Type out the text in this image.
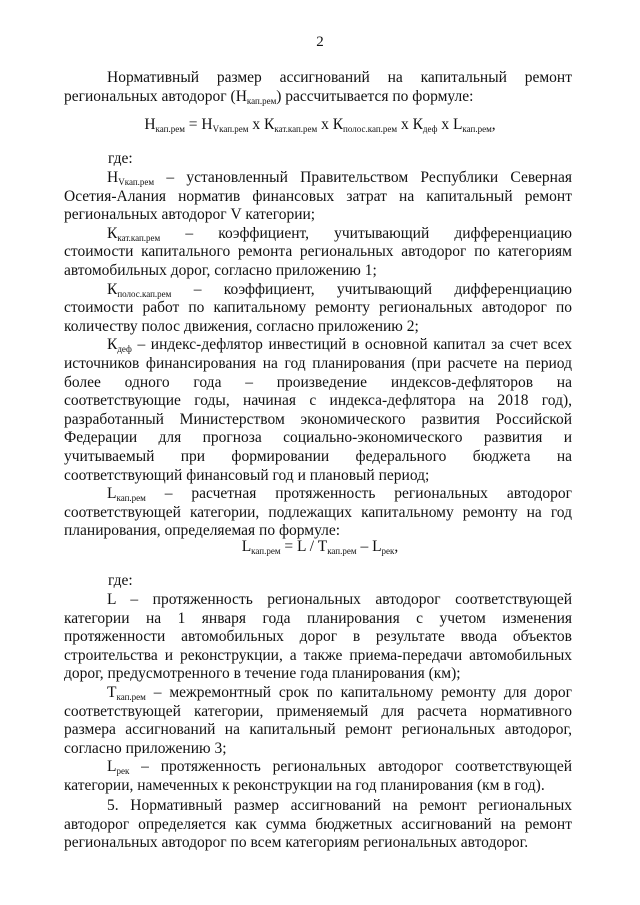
2
Нормативный размер ассигнований на капитальный ремонт
региональных автодорог $(Н_{кап.рем})$ рассчитывается по формуле:
$Н_{кап.рем} = Н_{Vкап.рем}$ х $К_{кат.кап.рем}$ х $К_{полос.кап.рем}$ х $К_{деф}$ х $L_{кап.рем}$,
где:
$Н_{Vкап.рем}$ – установленный Правительством Республики Северная
Осетия-Алания норматив финансовых затрат на капитальный ремонт
региональных автодорог V категории;
$К_{кат.кап.рем}$ – коэффициент, учитывающий дифференциацию
стоимости капитального ремонта региональных автодорог по категориям
автомобильных дорог, согласно приложению 1;
$К_{полос.кап.рем}$ – коэффициент, учитывающий дифференциацию
стоимости работ по капитальному ремонту региональных автодорог по
количеству полос движения, согласно приложению 2;
$К_{деф}$ – индекс-дефлятор инвестиций в основной капитал за счет всех
источников финансирования на год планирования (при расчете на период
более одного года – произведение индексов-дефляторов на
соответствующие годы, начиная с индекса-дефлятора на 2018 год),
разработанный Министерством экономического развития Российской
Федерации для прогноза социально-экономического развития и
учитываемый при формировании федерального бюджета на
соответствующий финансовый год и плановый период;
$L_{кап.рем}$ – расчетная протяженность региональных автодорог
соответствующей категории, подлежащих капитальному ремонту на год
планирования, определяемая по формуле:
$L_{кап.рем} = L / T_{кап.рем} - L_{рек}$,
где:
L – протяженность региональных автодорог соответствующей
категории на 1 января года планирования с учетом изменения
протяженности автомобильных дорог в результате ввода объектов
строительства и реконструкции, а также приема-передачи автомобильных
дорог, предусмотренного в течение года планирования (км);
$Т_{кап.рем}$ – межремонтный срок по капитальному ремонту для дорог
соответствующей категории, применяемый для расчета нормативного
размера ассигнований на капитальный ремонт региональных автодорог,
согласно приложению 3;
$L_{рек}$ – протяженность региональных автодорог соответствующей
категории, намеченных к реконструкции на год планирования (км в год).
5. Нормативный размер ассигнований на ремонт региональных
автодорог определяется как сумма бюджетных ассигнований на ремонт
региональных автодорог по всем категориям региональных автодорог.
